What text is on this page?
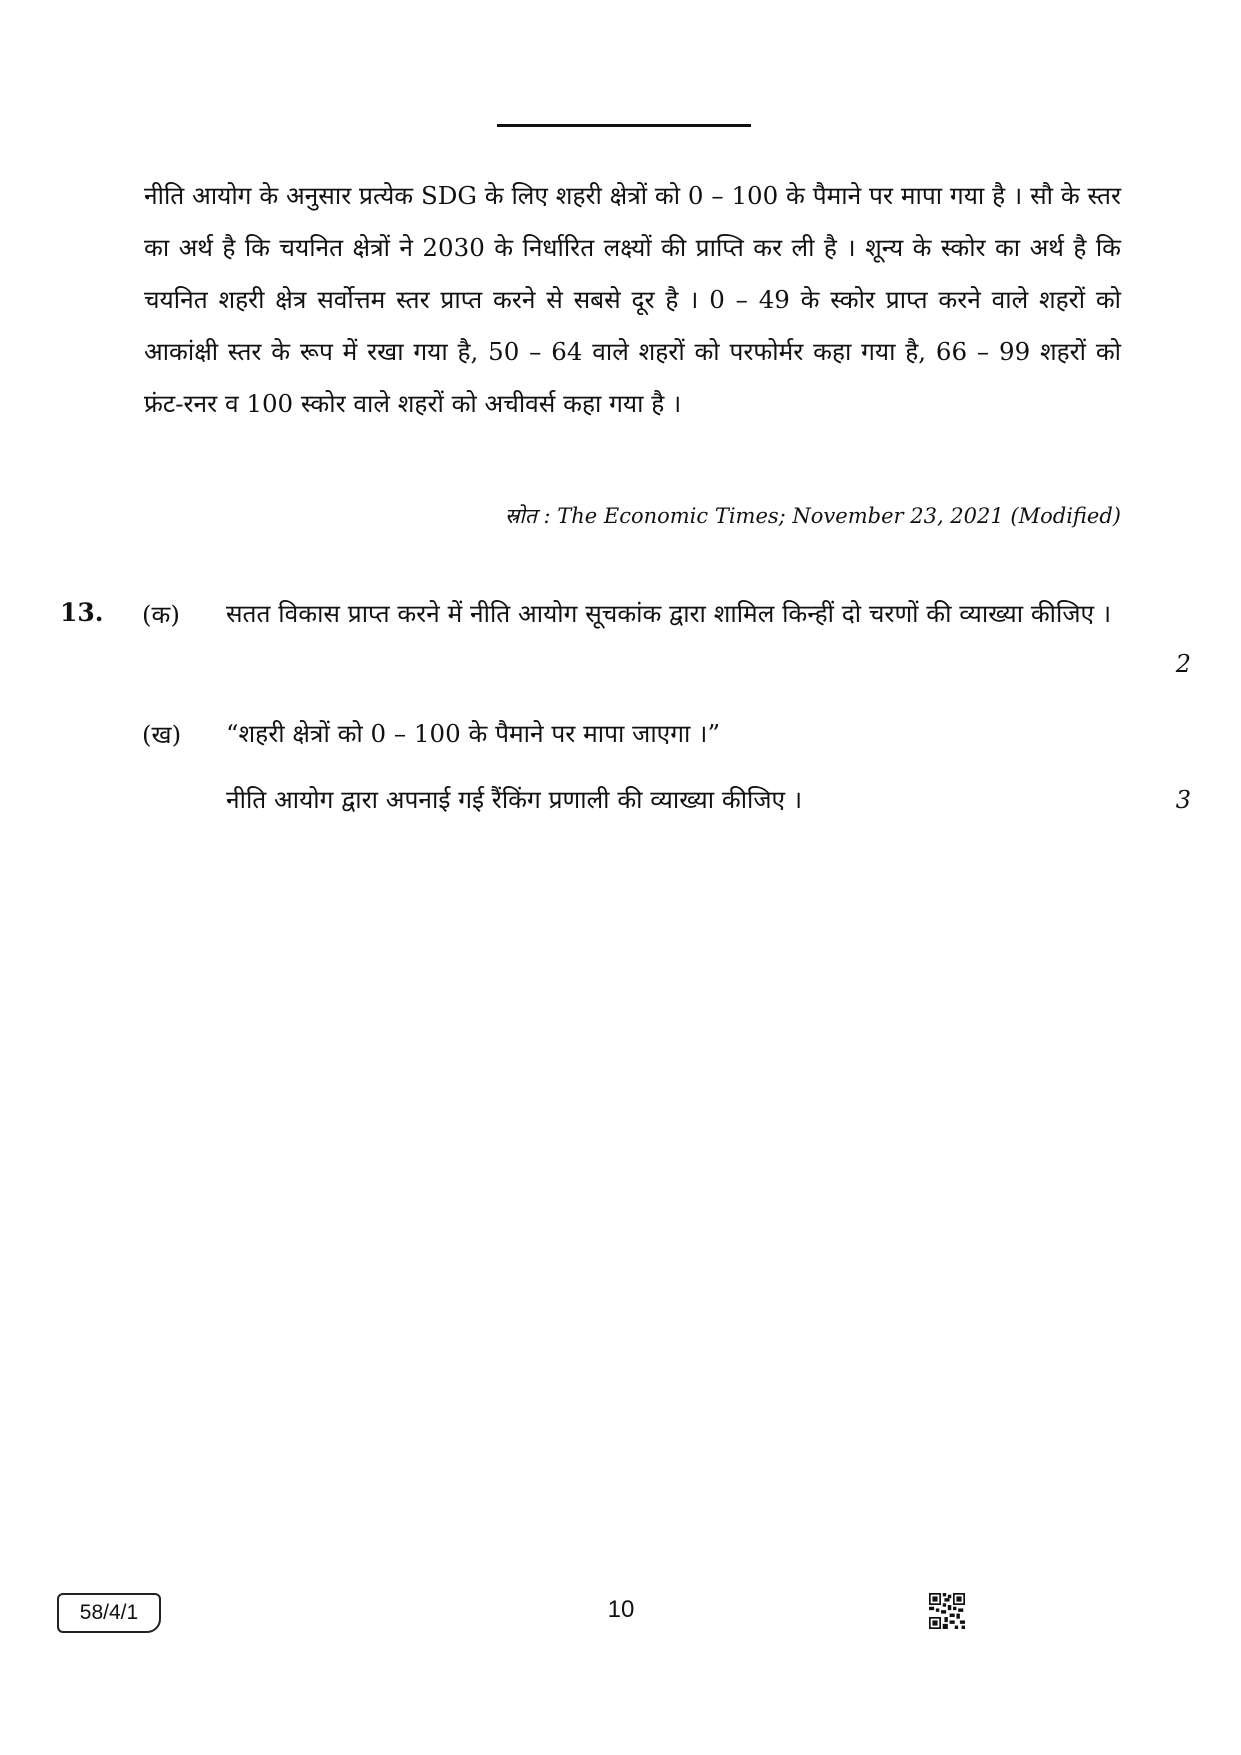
नीति आयोग के अनुसार प्रत्येक SDG के लिए शहरी क्षेत्रों को 0 – 100 के पैमाने पर मापा गया है । सौ के स्तर का अर्थ है कि चयनित क्षेत्रों ने 2030 के निर्धारित लक्ष्यों की प्राप्ति कर ली है । शून्य के स्कोर का अर्थ है कि चयनित शहरी क्षेत्र सर्वोत्तम स्तर प्राप्त करने से सबसे दूर है । 0 – 49 के स्कोर प्राप्त करने वाले शहरों को आकांक्षी स्तर के रूप में रखा गया है, 50 – 64 वाले शहरों को परफोर्मर कहा गया है, 66 – 99 शहरों को फ्रंट-रनर व 100 स्कोर वाले शहरों को अचीवर्स कहा गया है ।

स्रोत : The Economic Times; November 23, 2021 (Modified)
13. (क) सतत विकास प्राप्त करने में नीति आयोग सूचकांक द्वारा शामिल किन्हीं दो चरणों की व्याख्या कीजिए ।
2
(ख) “शहरी क्षेत्रों को 0 – 100 के पैमाने पर मापा जाएगा ।”
नीति आयोग द्वारा अपनाई गई रैंकिंग प्रणाली की व्याख्या कीजिए ।	3
58/4/1	10
